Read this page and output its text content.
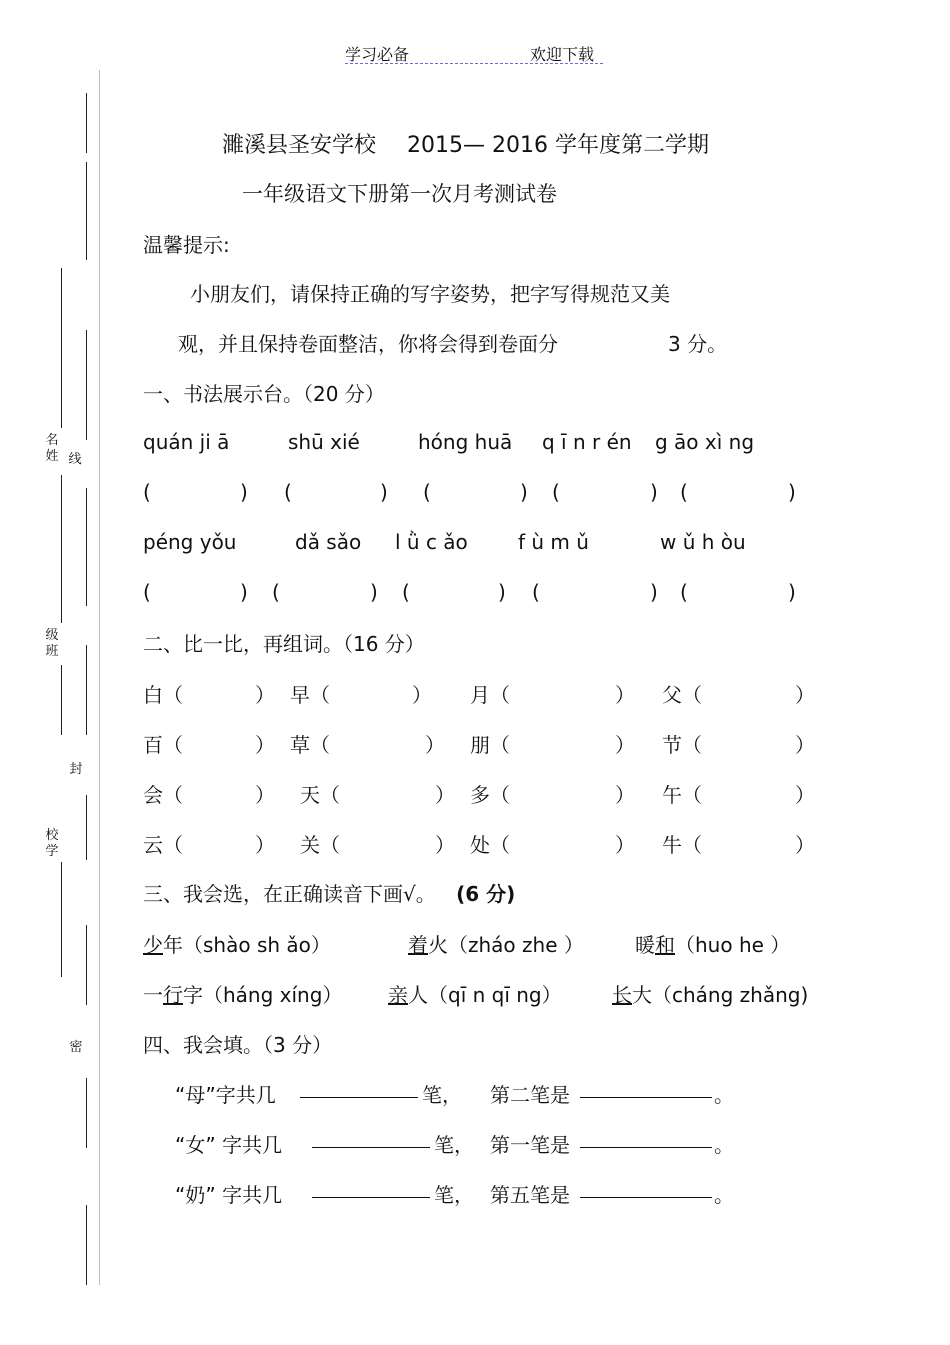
学习必备	欢迎下载
名 姓 线
级 班
封
校 学
密
濉溪县圣安学校 2015— 2016 学年度第二学期
一年级语文下册第一次月考测试卷
温馨提示:
小朋友们，请保持正确的写字姿势，把字写得规范又美
观，并且保持卷面整洁，你将会得到卷面分	3 分。
一、书法展示台。（20 分）
quán ji ā	shū xié	hóng huā q ī n r én g āo xì ng
(	) (	) (	) (	) (	)
péng yǒu	dǎ sǎo l ǜ c ǎo	f ù m ǔ	w ǔ h òu
(	) (	) (	) (	) (	)
二、比一比，再组词。（16 分）
白（	） 早（	） 月（	） 父（	）
百（	） 草（	） 朋（	） 节（	）
会（	） 天（	） 多（	） 午（	）
云（	） 关（	） 处（	） 牛（	）
三、我会选，在正确读音下画√。 (6 分)
少年（shào sh ǎo）	着火（zháo zhe ）	暖和（huo he ）
一行字（háng xíng） 亲人（qī n qī ng）	长大（cháng zhǎng)
四、我会填。（3 分）
“母”字共几	笔， 第二笔是	。
“女” 字共几	笔， 第一笔是	。
“奶” 字共几	笔， 第五笔是	。
